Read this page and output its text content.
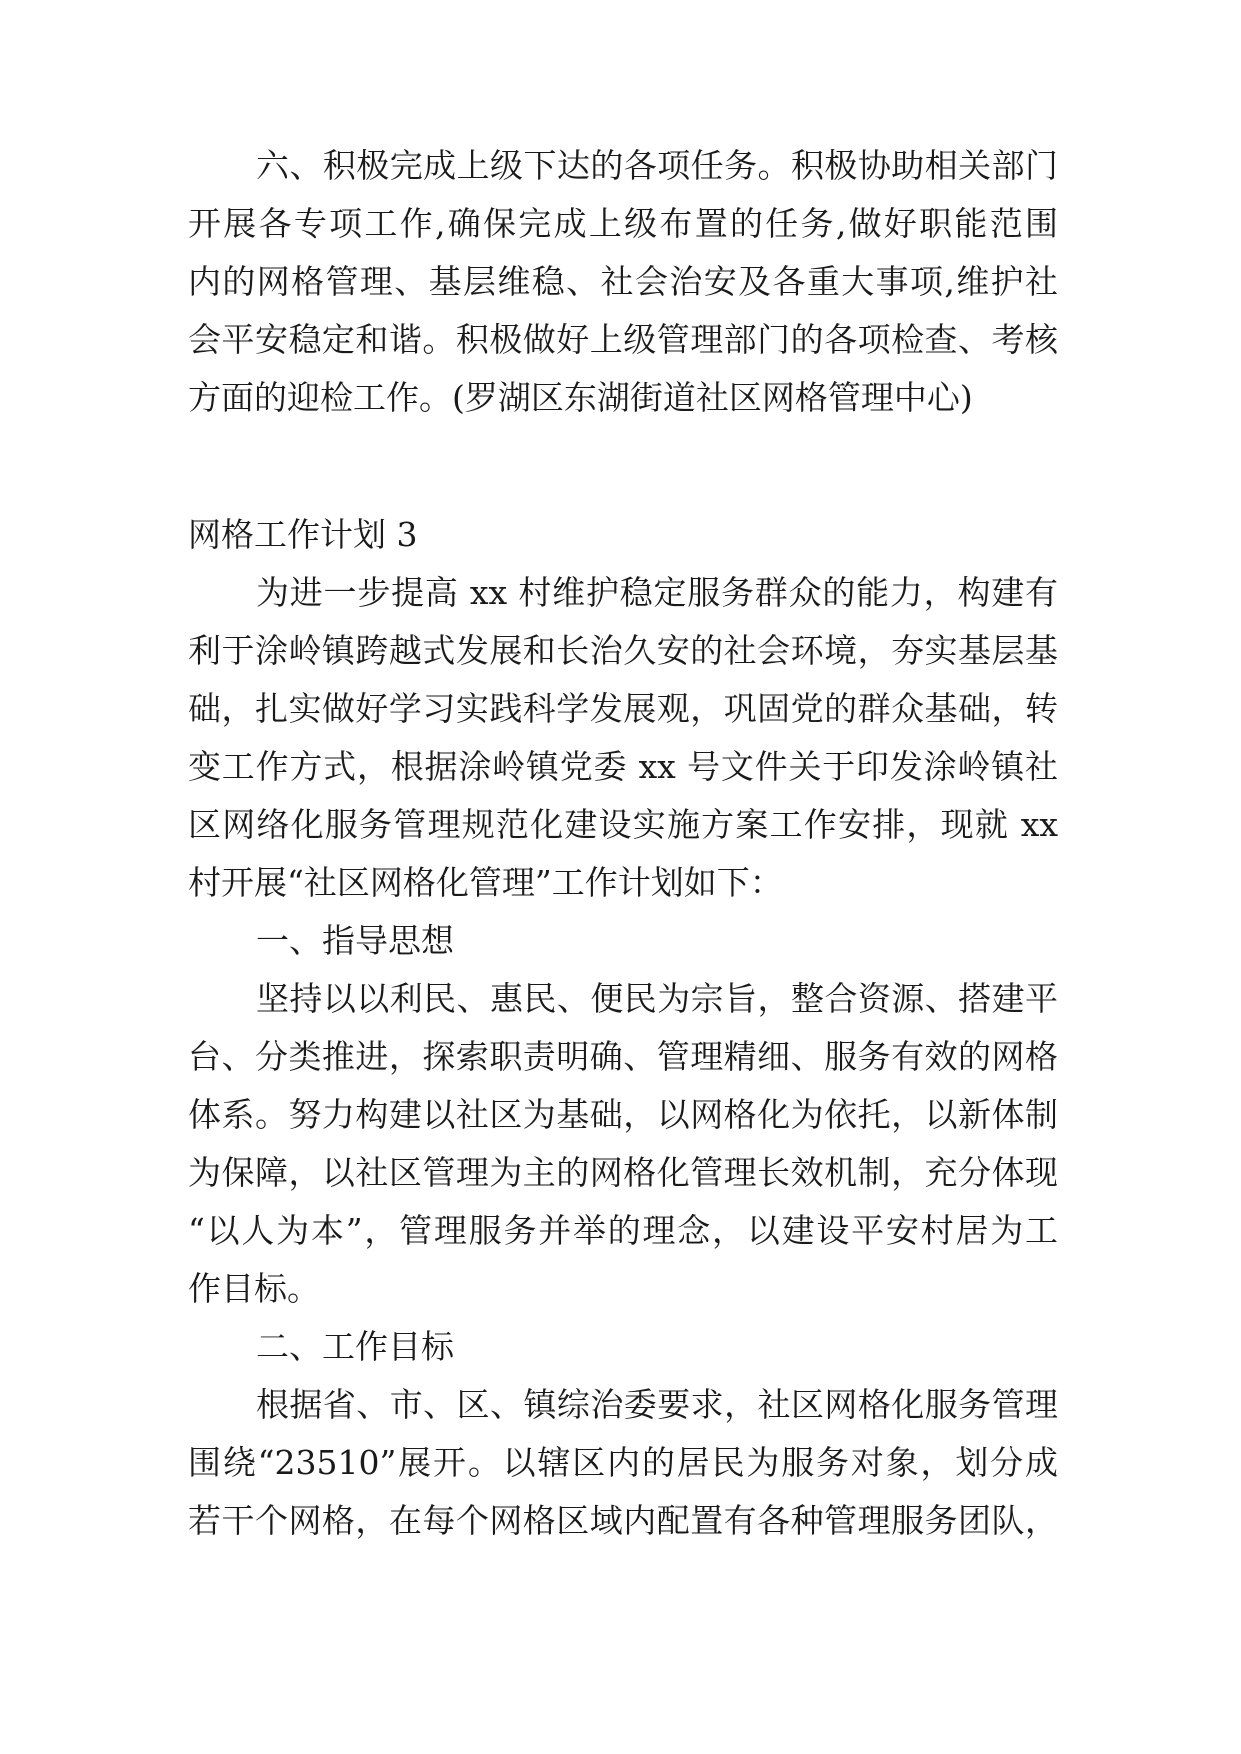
六、积极完成上级下达的各项任务。积极协助相关部门
开展各专项工作,确保完成上级布置的任务,做好职能范围
内的网格管理、基层维稳、社会治安及各重大事项,维护社
会平安稳定和谐。积极做好上级管理部门的各项检查、考核
方面的迎检工作。(罗湖区东湖街道社区网格管理中心)
网格工作计划 3
为进一步提高 xx 村维护稳定服务群众的能力，构建有
利于涂岭镇跨越式发展和长治久安的社会环境，夯实基层基
础，扎实做好学习实践科学发展观，巩固党的群众基础，转
变工作方式，根据涂岭镇党委 xx 号文件关于印发涂岭镇社
区网络化服务管理规范化建设实施方案工作安排，现就 xx
村开展“社区网格化管理”工作计划如下：
一、指导思想
坚持以以利民、惠民、便民为宗旨，整合资源、搭建平
台、分类推进，探索职责明确、管理精细、服务有效的网格
体系。努力构建以社区为基础，以网格化为依托，以新体制
为保障，以社区管理为主的网格化管理长效机制，充分体现
“以人为本”，管理服务并举的理念，以建设平安村居为工
作目标。
二、工作目标
根据省、市、区、镇综治委要求，社区网格化服务管理
围绕“23510”展开。以辖区内的居民为服务对象，划分成
若干个网格，在每个网格区域内配置有各种管理服务团队，
